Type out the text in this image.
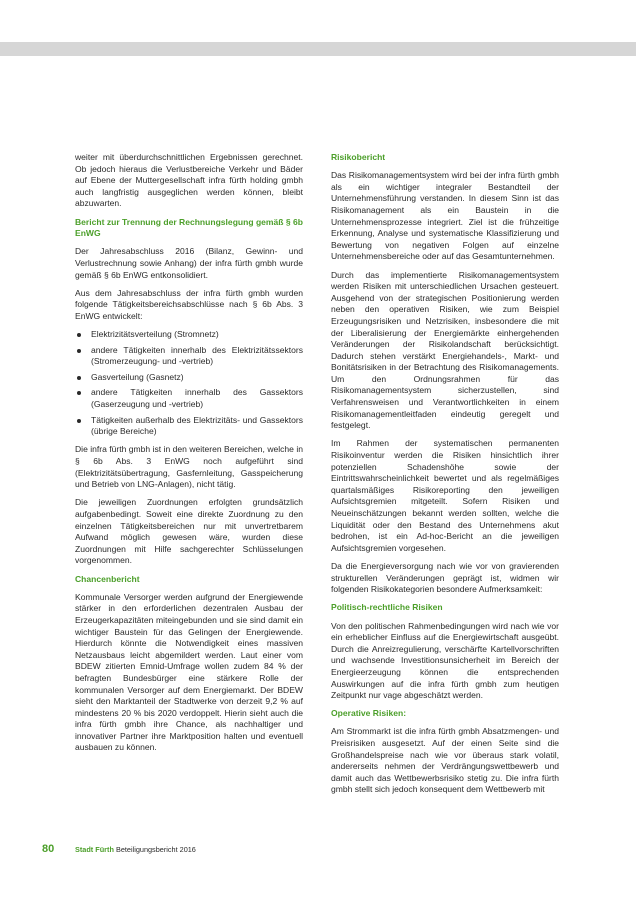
weiter mit überdurchschnittlichen Ergebnissen gerechnet. Ob jedoch hieraus die Verlustbereiche Verkehr und Bäder auf Ebene der Muttergesellschaft infra fürth holding gmbh auch langfristig ausgeglichen werden können, bleibt abzuwarten.

Bericht zur Trennung der Rechnungslegung gemäß § 6b EnWG

Der Jahresabschluss 2016 (Bilanz, Gewinn- und Verlustrechnung sowie Anhang) der infra fürth gmbh wurde gemäß § 6b EnWG entkonsolidiert.

Aus dem Jahresabschluss der infra fürth gmbh wurden folgende Tätigkeitsbereichsabschlüsse nach § 6b Abs. 3 EnWG entwickelt:

Elektrizitätsverteilung (Stromnetz)
andere Tätigkeiten innerhalb des Elektrizitätssektors (Stromerzeugung- und -vertrieb)
Gasverteilung (Gasnetz)
andere Tätigkeiten innerhalb des Gassektors (Gaserzeugung und -vertrieb)
Tätigkeiten außerhalb des Elektrizitäts- und Gassektors (übrige Bereiche)

Die infra fürth gmbh ist in den weiteren Bereichen, welche in § 6b Abs. 3 EnWG noch aufgeführt sind (Elektrizitätsübertragung, Gasfernleitung, Gasspeicherung und Betrieb von LNG-Anlagen), nicht tätig.

Die jeweiligen Zuordnungen erfolgten grundsätzlich aufgabenbedingt. Soweit eine direkte Zuordnung zu den einzelnen Tätigkeitsbereichen nur mit unvertretbarem Aufwand möglich gewesen wäre, wurden diese Zuordnungen mit Hilfe sachgerechter Schlüsselungen vorgenommen.

Chancenbericht

Kommunale Versorger werden aufgrund der Energiewende stärker in den erforderlichen dezentralen Ausbau der Erzeugerkapazitäten miteingebunden und sie sind damit ein wichtiger Baustein für das Gelingen der Energiewende. Hierdurch könnte die Notwendigkeit eines massiven Netzausbaus leicht abgemildert werden. Laut einer vom BDEW zitierten Emnid-Umfrage wollen zudem 84 % der befragten Bundesbürger eine stärkere Rolle der kommunalen Versorger auf dem Energiemarkt. Der BDEW sieht den Marktanteil der Stadtwerke von derzeit 9,2 % auf mindestens 20 % bis 2020 verdoppelt. Hierin sieht auch die infra fürth gmbh ihre Chance, als nachhaltiger und innovativer Partner ihre Marktposition halten und eventuell ausbauen zu können.

Risikobericht

Das Risikomanagementsystem wird bei der infra fürth gmbh als ein wichtiger integraler Bestandteil der Unternehmensführung verstanden. In diesem Sinn ist das Risikomanagement als ein Baustein in die Unternehmensprozesse integriert. Ziel ist die frühzeitige Erkennung, Analyse und systematische Klassifizierung und Bewertung von negativen Folgen auf einzelne Unternehmensbereiche oder auf das Gesamtunternehmen.

Durch das implementierte Risikomanagementsystem werden Risiken mit unterschiedlichen Ursachen gesteuert. Ausgehend von der strategischen Positionierung werden neben den operativen Risiken, wie zum Beispiel Erzeugungsrisiken und Netzrisiken, insbesondere die mit der Liberalisierung der Energiemärkte einhergehenden Veränderungen der Risikolandschaft berücksichtigt. Dadurch stehen verstärkt Energiehandels-, Markt- und Bonitätsrisiken in der Betrachtung des Risikomanagements. Um den Ordnungsrahmen für das Risikomanagementsystem sicherzustellen, sind Verfahrensweisen und Verantwortlichkeiten in einem Risikomanagementleitfaden eindeutig geregelt und festgelegt.

Im Rahmen der systematischen permanenten Risikoinventur werden die Risiken hinsichtlich ihrer potenziellen Schadenshöhe sowie der Eintrittswahrscheinlichkeit bewertet und als regelmäßiges quartalsmäßiges Risikoreporting den jeweiligen Aufsichtsgremien mitgeteilt. Sofern Risiken und Neueinschätzungen bekannt werden sollten, welche die Liquidität oder den Bestand des Unternehmens akut bedrohen, ist ein Ad-hoc-Bericht an die jeweiligen Aufsichtsgremien vorgesehen.

Da die Energieversorgung nach wie vor von gravierenden strukturellen Veränderungen geprägt ist, widmen wir folgenden Risikokategorien besondere Aufmerksamkeit:

Politisch-rechtliche Risiken

Von den politischen Rahmenbedingungen wird nach wie vor ein erheblicher Einfluss auf die Energiewirtschaft ausgeübt. Durch die Anreizregulierung, verschärfte Kartellvorschriften und wachsende Investitionsunsicherheit im Bereich der Energieerzeugung können die entsprechenden Auswirkungen auf die infra fürth gmbh zum heutigen Zeitpunkt nur vage abgeschätzt werden.

Operative Risiken:

Am Strommarkt ist die infra fürth gmbh Absatzmengen- und Preisrisiken ausgesetzt. Auf der einen Seite sind die Großhandelspreise nach wie vor überaus stark volatil, andererseits nehmen der Verdrängungswettbewerb und damit auch das Wettbewerbsrisiko stetig zu. Die infra fürth gmbh stellt sich jedoch konsequent dem Wettbewerb mit

80	Stadt Fürth Beteiligungsbericht 2016
